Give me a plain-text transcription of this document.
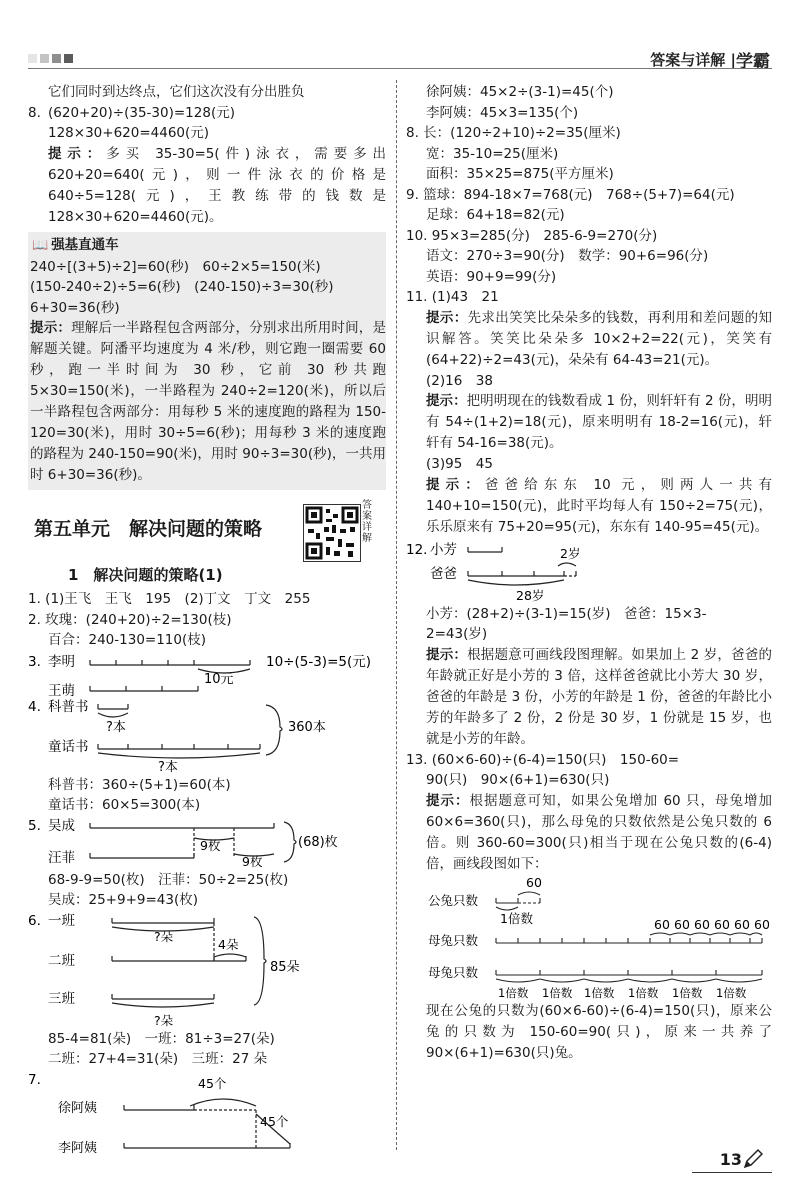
答案与详解 | 学霸
它们同时到达终点，它们这次没有分出胜负
8. (620+20)÷(35-30)=128(元)
128×30+620=4460(元)
提示：多买 35-30=5(件)泳衣，需要多出 620+20=640(元)，则一件泳衣的价格是 640÷5=128(元)，王教练带的钱数是 128×30+620=4460(元)。
📖 强基直通车
240÷[(3+5)÷2]=60(秒)　60÷2×5=150(米)
(150-240÷2)÷5=6(秒)　(240-150)÷3=30(秒)
6+30=36(秒)
提示：理解后一半路程包含两部分，分别求出所用时间，是解题关键。阿潘平均速度为 4 米/秒，则它跑一圈需要 60 秒，跑一半时间为 30 秒，它前 30 秒共跑 5×30=150(米)，一半路程为 240÷2=120(米)，所以后一半路程包含两部分：用每秒 5 米的速度跑的路程为 150-120=30(米)，用时 30÷5=6(秒)；用每秒 3 米的速度跑的路程为 240-150=90(米)，用时 90÷3=30(秒)，一共用时 6+30=36(秒)。
第五单元　解决问题的策略
答案详解
1　解决问题的策略(1)
1. (1)王飞　王飞　195　(2)丁文　丁文　255
2. 玫瑰：(240+20)÷2=130(枝)
百合：240-130=110(枝)
3. 李明
10元
王萌
10÷(5-3)=5(元)
4. 科普书
?本
童话书
?本
360本
科普书：360÷(5+1)=60(本)
童话书：60×5=300(本)
5. 吴成
汪菲
9枚
9枚
(68)枚
68-9-9=50(枚)　汪菲：50÷2=25(枚)
吴成：25+9+9=43(枚)
6. 一班
二班
三班
?朵
4朵
85朵
?朵
85-4=81(朵)　一班：81÷3=27(朵)
二班：27+4=31(朵)　三班：27 朵
7.
徐阿姨
李阿姨
45个
45个
徐阿姨：45×2÷(3-1)=45(个)
李阿姨：45×3=135(个)
8. 长：(120÷2+10)÷2=35(厘米)
宽：35-10=25(厘米)
面积：35×25=875(平方厘米)
9. 篮球：894-18×7=768(元)　768÷(5+7)=64(元)
足球：64+18=82(元)
10. 95×3=285(分)　285-6-9=270(分)
语文：270÷3=90(分)　数学：90+6=96(分)
英语：90+9=99(分)
11. (1)43　21
提示：先求出笑笑比朵朵多的钱数，再利用和差问题的知识解答。笑笑比朵朵多 10×2+2=22(元)，笑笑有(64+22)÷2=43(元)，朵朵有 64-43=21(元)。
(2)16　38
提示：把明明现在的钱数看成 1 份，则轩轩有 2 份，明明有 54÷(1+2)=18(元)，原来明明有 18-2=16(元)，轩轩有 54-16=38(元)。
(3)95　45
提示：爸爸给东东 10 元，则两人一共有 140+10=150(元)，此时平均每人有 150÷2=75(元)，乐乐原来有 75+20=95(元)，东东有 140-95=45(元)。
12. 小芳
爸爸
2岁
28岁
小芳：(28+2)÷(3-1)=15(岁)　爸爸：15×3-
2=43(岁)
提示：根据题意可画线段图理解。如果加上 2 岁，爸爸的年龄就正好是小芳的 3 倍，这样爸爸就比小芳大 30 岁，爸爸的年龄是 3 份，小芳的年龄是 1 份，爸爸的年龄比小芳的年龄多了 2 份，2 份是 30 岁，1 份就是 15 岁，也就是小芳的年龄。
13. (60×6-60)÷(6-4)=150(只)　150-60=
90(只)　90×(6+1)=630(只)
提示：根据题意可知，如果公兔增加 60 只，母兔增加 60×6=360(只)，那么母兔的只数依然是公兔只数的 6 倍。则 360-60=300(只)相当于现在公兔只数的(6-4)倍，画线段图如下：
60
公兔只数
1倍数
母兔只数
母兔只数
60 60 60 60 60 60
1倍数 1倍数 1倍数 1倍数 1倍数 1倍数
现在公兔的只数为(60×6-60)÷(6-4)=150(只)，原来公兔的只数为 150-60=90(只)，原来一共养了 90×(6+1)=630(只)兔。
13
